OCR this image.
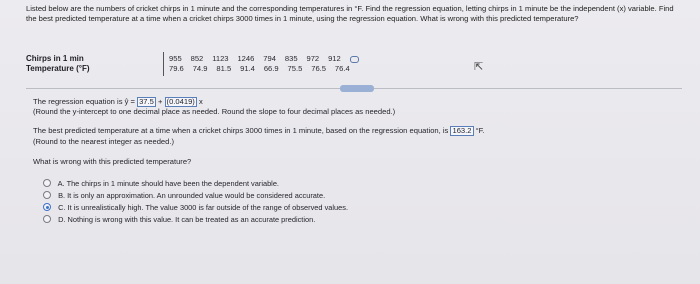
Listed below are the numbers of cricket chirps in 1 minute and the corresponding temperatures in °F. Find the regression equation, letting chirps in 1 minute be the independent (x) variable. Find the best predicted temperature at a time when a cricket chirps 3000 times in 1 minute, using the regression equation. What is wrong with this predicted temperature?
Chirps in 1 min
Temperature (°F)
955 852 1123 1246 794 835 972 912
79.6 74.9 81.5 91.4 66.9 75.5 76.5 76.4	⇱
The regression equation is ŷ = 37.5 + (0.0419) x
(Round the y-intercept to one decimal place as needed. Round the slope to four decimal places as needed.)
The best predicted temperature at a time when a cricket chirps 3000 times in 1 minute, based on the regression equation, is 163.2 °F.
(Round to the nearest integer as needed.)
What is wrong with this predicted temperature?
A. The chirps in 1 minute should have been the dependent variable.
B. It is only an approximation. An unrounded value would be considered accurate.
C. It is unrealistically high. The value 3000 is far outside of the range of observed values.
D. Nothing is wrong with this value. It can be treated as an accurate prediction.
